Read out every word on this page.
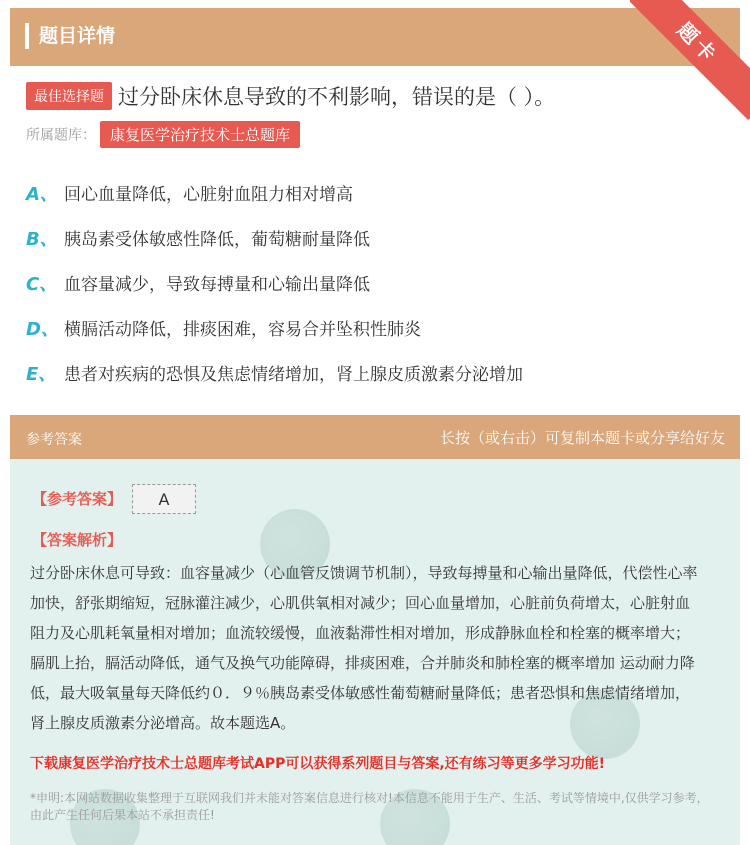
题目详情	题卡
最佳选择题 过分卧床休息导致的不利影响，错误的是（ ）。
所属题库： 康复医学治疗技术士总题库
A、 回心血量降低，心脏射血阻力相对增高
B、 胰岛素受体敏感性降低，葡萄糖耐量降低
C、 血容量减少，导致每搏量和心输出量降低
D、 横膈活动降低，排痰困难，容易合并坠积性肺炎
E、 患者对疾病的恐惧及焦虑情绪增加，肾上腺皮质激素分泌增加
参考答案	长按（或右击）可复制本题卡或分享给好友
【参考答案】	A
【答案解析】
过分卧床休息可导致：血容量减少（心血管反馈调节机制），导致每搏量和心输出量降低，代偿性心率加快，舒张期缩短，冠脉灌注减少，心肌供氧相对减少；回心血量增加，心脏前负荷增太，心脏射血阻力及心肌耗氧量相对增加；血流较缓慢，血液黏滞性相对增加，形成静脉血栓和栓塞的概率增大；膈肌上抬，膈活动降低，通气及换气功能障碍，排痰困难，合并肺炎和肺栓塞的概率增加 运动耐力降低，最大吸氧量每天降低约０．９％胰岛素受体敏感性葡萄糖耐量降低；患者恐惧和焦虑情绪增加，肾上腺皮质激素分泌增高。故本题选A。
下载康复医学治疗技术士总题库考试APP可以获得系列题目与答案,还有练习等更多学习功能!
*申明:本网站数据收集整理于互联网我们并未能对答案信息进行核对!本信息不能用于生产、生活、考试等情境中,仅供学习参考，由此产生任何后果本站不承担责任!
